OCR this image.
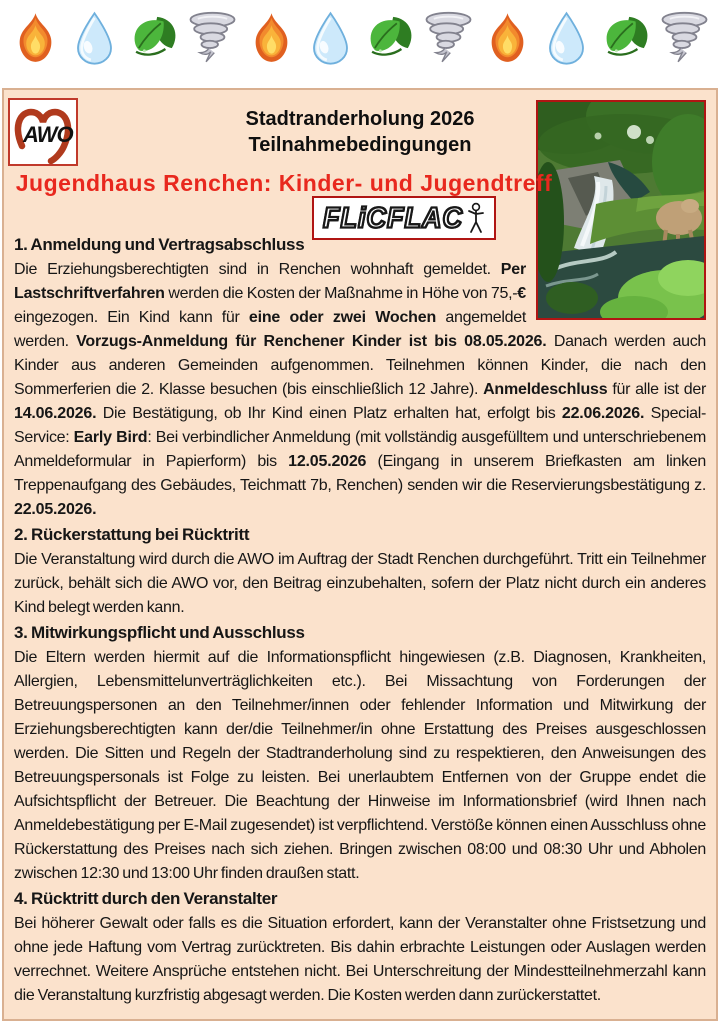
AWO
Stadtranderholung 2026
Teilnahmebedingungen
Jugendhaus Renchen: Kinder- und Jugendtreff
FLiCFLAC
1. Anmeldung und Vertragsabschluss

Die Erziehungsberechtigten sind in Renchen wohnhaft gemeldet. Per Lastschriftverfahren werden die Kosten der Maßnahme in Höhe von 75,-€ eingezogen. Ein Kind kann für eine oder zwei Wochen angemeldet werden. Vorzugs-Anmeldung für Renchener Kinder ist bis 08.05.2026. Danach werden auch Kinder aus anderen Gemeinden aufgenommen. Teilnehmen können Kinder, die nach den Sommerferien die 2. Klasse besuchen (bis einschließlich 12 Jahre). Anmeldeschluss für alle ist der 14.06.2026. Die Bestätigung, ob Ihr Kind einen Platz erhalten hat, erfolgt bis 22.06.2026. Special-Service: Early Bird: Bei verbindlicher Anmeldung (mit vollständig ausgefülltem und unterschriebenem Anmeldeformular in Papierform) bis 12.05.2026 (Eingang in unserem Briefkasten am linken Treppenaufgang des Gebäudes, Teichmatt 7b, Renchen) senden wir die Reservierungsbestätigung z. 22.05.2026.

2. Rückerstattung bei Rücktritt

Die Veranstaltung wird durch die AWO im Auftrag der Stadt Renchen durchgeführt. Tritt ein Teilnehmer zurück, behält sich die AWO vor, den Beitrag einzubehalten, sofern der Platz nicht durch ein anderes Kind belegt werden kann.

3. Mitwirkungspflicht und Ausschluss

Die Eltern werden hiermit auf die Informationspflicht hingewiesen (z.B. Diagnosen, Krankheiten, Allergien, Lebensmittelunverträglichkeiten etc.). Bei Missachtung von Forderungen der Betreuungspersonen an den Teilnehmer/innen oder fehlender Information und Mitwirkung der Erziehungsberechtigten kann der/die Teilnehmer/in ohne Erstattung des Preises ausgeschlossen werden. Die Sitten und Regeln der Stadtranderholung sind zu respektieren, den Anweisungen des Betreuungspersonals ist Folge zu leisten. Bei unerlaubtem Entfernen von der Gruppe endet die Aufsichtspflicht der Betreuer. Die Beachtung der Hinweise im Informationsbrief (wird Ihnen nach Anmeldebestätigung per E-Mail zugesendet) ist verpflichtend. Verstöße können einen Ausschluss ohne Rückerstattung des Preises nach sich ziehen. Bringen zwischen 08:00 und 08:30 Uhr und Abholen zwischen 12:30 und 13:00 Uhr finden draußen statt.

4. Rücktritt durch den Veranstalter

Bei höherer Gewalt oder falls es die Situation erfordert, kann der Veranstalter ohne Fristsetzung und ohne jede Haftung vom Vertrag zurücktreten. Bis dahin erbrachte Leistungen oder Auslagen werden verrechnet. Weitere Ansprüche entstehen nicht. Bei Unterschreitung der Mindestteilnehmerzahl kann die Veranstaltung kurzfristig abgesagt werden. Die Kosten werden dann zurückerstattet.
